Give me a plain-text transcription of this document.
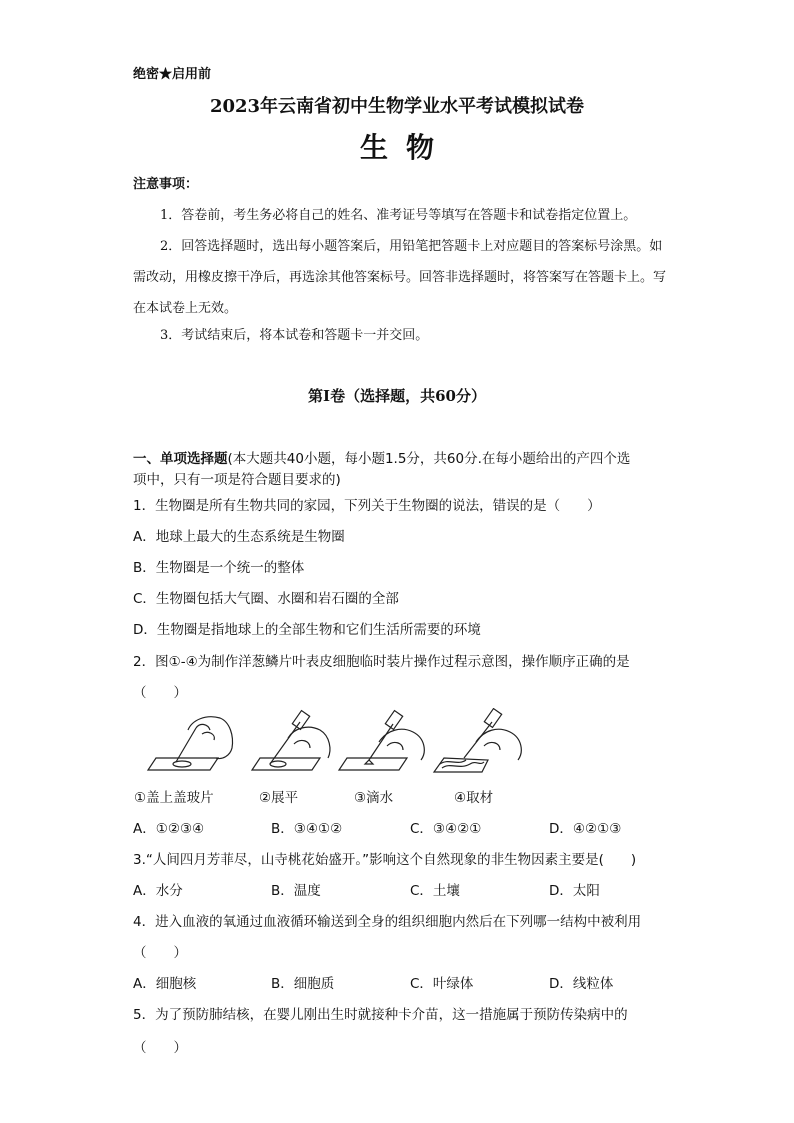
绝密★启用前
2023年云南省初中生物学业水平考试模拟试卷
生物
注意事项：
1．答卷前，考生务必将自己的姓名、准考证号等填写在答题卡和试卷指定位置上。
2．回答选择题时，选出每小题答案后，用铅笔把答题卡上对应题目的答案标号涂黑。如
需改动，用橡皮擦干净后，再选涂其他答案标号。回答非选择题时，将答案写在答题卡上。写
在本试卷上无效。
3．考试结束后，将本试卷和答题卡一并交回。
第Ⅰ卷（选择题，共60分）
一、单项选择题(本大题共40小题，每小题1.5分，共60分.在每小题给出的产四个选
项中，只有一项是符合题目要求的)
1．生物圈是所有生物共同的家园，下列关于生物圈的说法，错误的是（　　）
A．地球上最大的生态系统是生物圈
B．生物圈是一个统一的整体
C．生物圈包括大气圈、水圈和岩石圈的全部
D．生物圈是指地球上的全部生物和它们生活所需要的环境
2．图①-④为制作洋葱鳞片叶表皮细胞临时装片操作过程示意图，操作顺序正确的是
（　　）
①盖上盖玻片	②展平	③滴水	④取材
A．①②③④	B．③④①②	C．③④②①	D．④②①③
3.“人间四月芳菲尽，山寺桃花始盛开。”影响这个自然现象的非生物因素主要是(　　)
A．水分	B．温度	C．土壤	D．太阳
4．进入血液的氧通过血液循环输送到全身的组织细胞内然后在下列哪一结构中被利用
（　　）
A．细胞核	B．细胞质	C．叶绿体	D．线粒体
5．为了预防肺结核，在婴儿刚出生时就接种卡介苗，这一措施属于预防传染病中的
（　　）
